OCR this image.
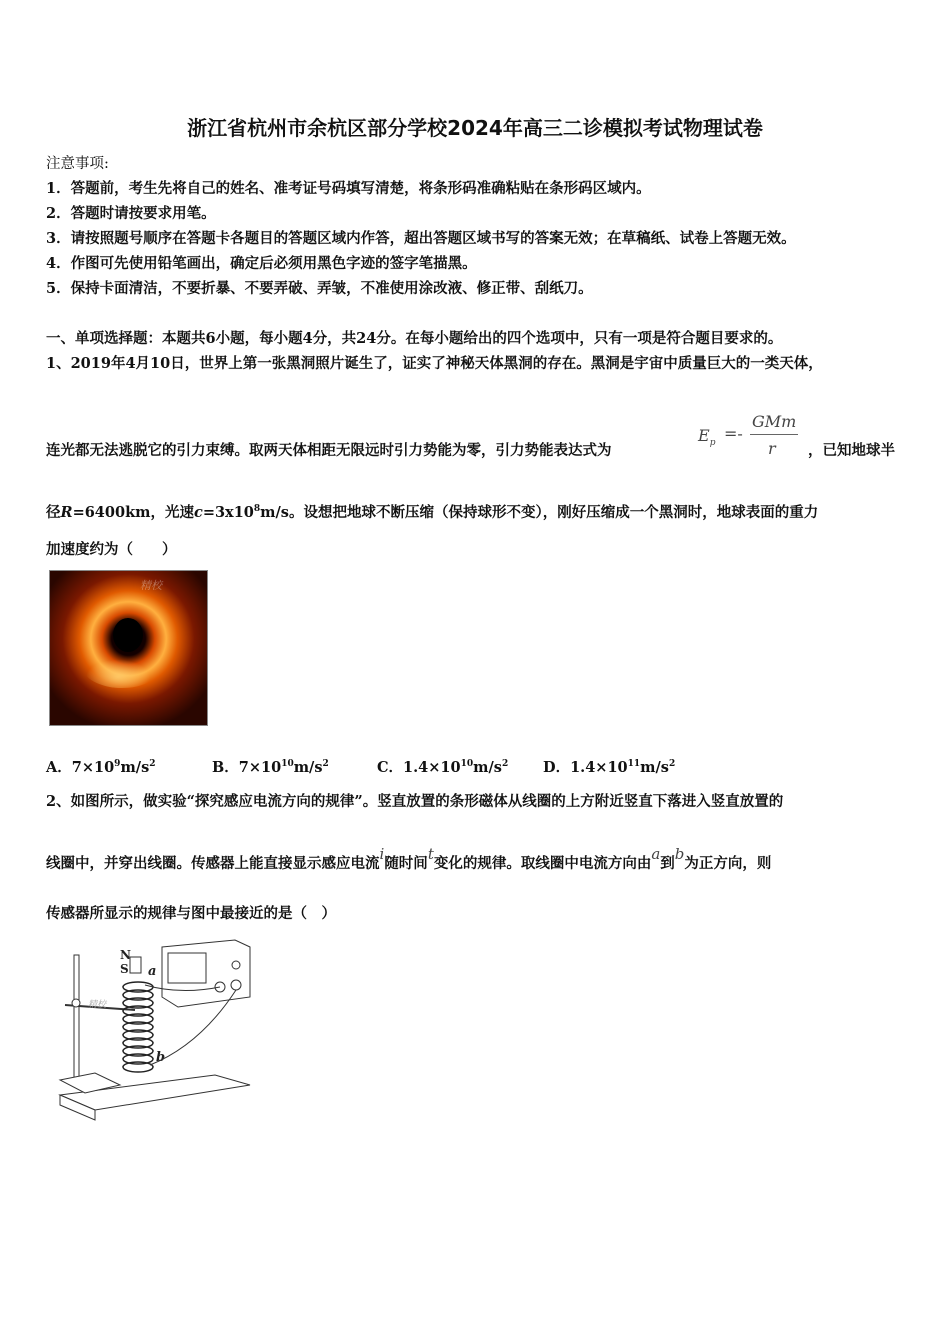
浙江省杭州市余杭区部分学校2024年高三二诊模拟考试物理试卷
注意事项:
1．答题前，考生先将自己的姓名、准考证号码填写清楚，将条形码准确粘贴在条形码区域内。
2．答题时请按要求用笔。
3．请按照题号顺序在答题卡各题目的答题区域内作答，超出答题区域书写的答案无效；在草稿纸、试卷上答题无效。
4．作图可先使用铅笔画出，确定后必须用黑色字迹的签字笔描黑。
5．保持卡面清洁，不要折暴、不要弄破、弄皱，不准使用涂改液、修正带、刮纸刀。
一、单项选择题：本题共6小题，每小题4分，共24分。在每小题给出的四个选项中，只有一项是符合题目要求的。
1、2019年4月10日，世界上第一张黑洞照片诞生了，证实了神秘天体黑洞的存在。黑洞是宇宙中质量巨大的一类天体，
连光都无法逃脱它的引力束缚。取两天体相距无限远时引力势能为零，引力势能表达式为
$E_p$
=-
GMm
r ，已知地球半
径R=6400km，光速$c=3x10^8m/s$。设想把地球不断压缩（保持球形不变），刚好压缩成一个黑洞时，地球表面的重力
加速度约为（　　）
精校
A．$7\times 10^9m/s^2$	B．$7\times 10^{10}m/s^2$	C．$1.4\times 10^{10}m/s^2$ D．$1.4\times 10^{11}m/s^2$
2、如图所示，做实验“探究感应电流方向的规律”。竖直放置的条形磁体从线圈的上方附近竖直下落进入竖直放置的
线圈中，并穿出线圈。传感器上能直接显示感应电流i随时间t变化的规律。取线圈中电流方向由a到b为正方向，则
传感器所显示的规律与图中最接近的是（　）
N
S a
b
精校
